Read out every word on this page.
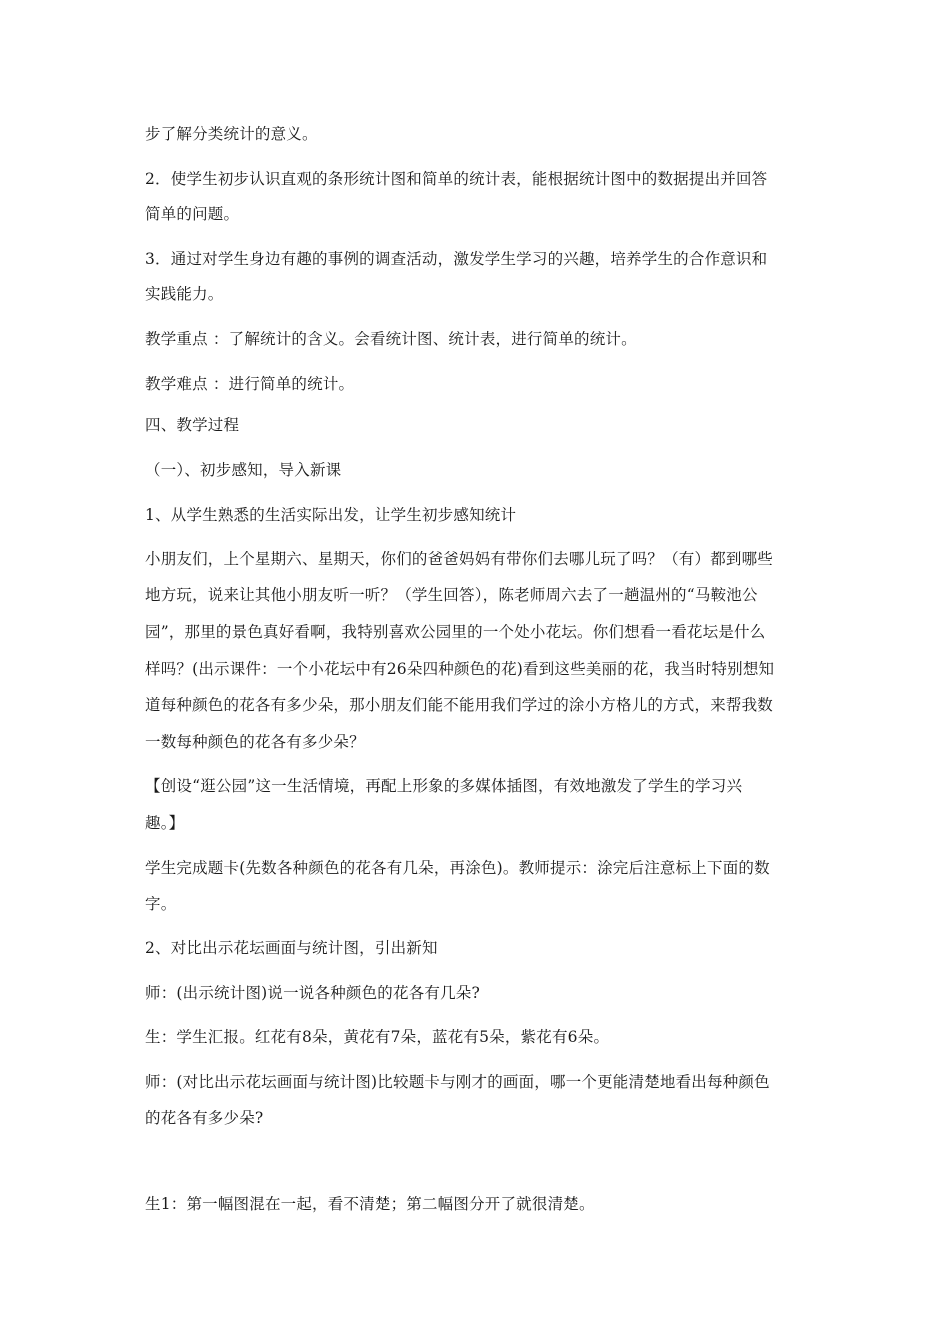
步了解分类统计的意义。
2．使学生初步认识直观的条形统计图和简单的统计表，能根据统计图中的数据提出并回答
简单的问题。
3．通过对学生身边有趣的事例的调查活动，激发学生学习的兴趣，培养学生的合作意识和
实践能力。
教学重点 ：了解统计的含义。会看统计图、统计表，进行简单的统计。
教学难点 ：进行简单的统计。
四、教学过程
（一）、初步感知，导入新课
1、从学生熟悉的生活实际出发，让学生初步感知统计
小朋友们，上个星期六、星期天，你们的爸爸妈妈有带你们去哪儿玩了吗？（有）都到哪些
地方玩，说来让其他小朋友听一听？（学生回答），陈老师周六去了一趟温州的“马鞍池公
园”，那里的景色真好看啊，我特别喜欢公园里的一个处小花坛。你们想看一看花坛是什么
样吗？(出示课件：一个小花坛中有26朵四种颜色的花)看到这些美丽的花，我当时特别想知
道每种颜色的花各有多少朵，那小朋友们能不能用我们学过的涂小方格儿的方式，来帮我数
一数每种颜色的花各有多少朵？
【创设“逛公园”这一生活情境，再配上形象的多媒体插图，有效地激发了学生的学习兴
趣。】
学生完成题卡(先数各种颜色的花各有几朵，再涂色)。教师提示：涂完后注意标上下面的数
字。
2、对比出示花坛画面与统计图，引出新知
师：(出示统计图)说一说各种颜色的花各有几朵?
生：学生汇报。红花有8朵，黄花有7朵，蓝花有5朵，紫花有6朵。
师：(对比出示花坛画面与统计图)比较题卡与刚才的画面，哪一个更能清楚地看出每种颜色
的花各有多少朵?
生1：第一幅图混在一起，看不清楚；第二幅图分开了就很清楚。
